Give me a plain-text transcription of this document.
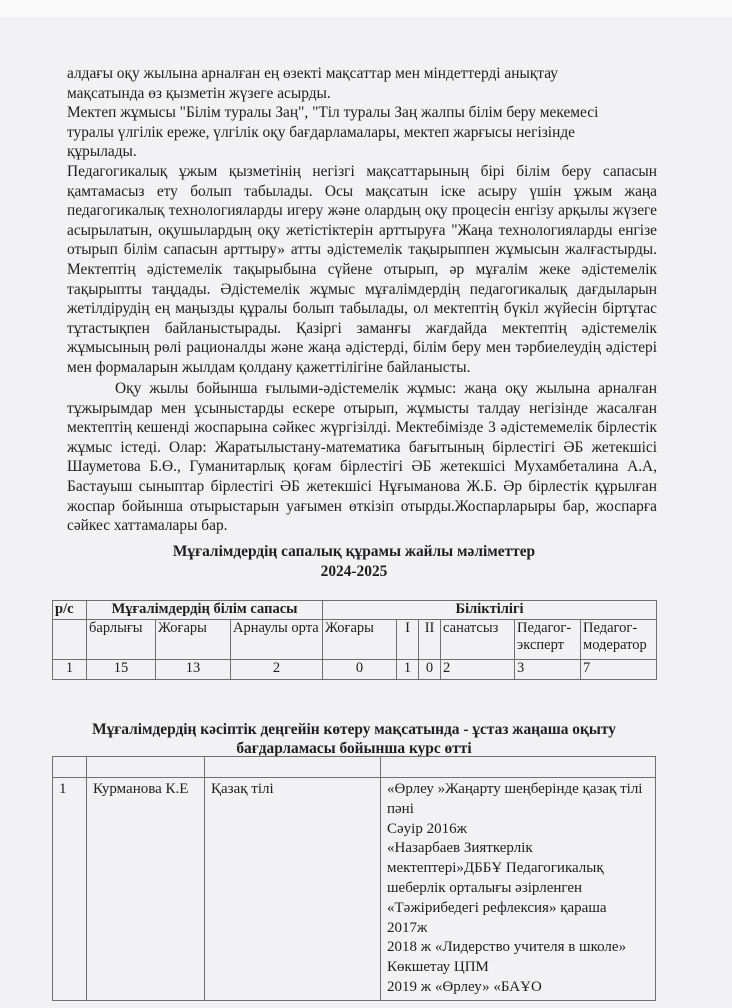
алдағы оқу жылына арналған ең өзекті мақсаттар мен міндеттерді анықтау
мақсатында өз қызметін жүзеге асырды.
Мектеп жұмысы "Білім туралы Заң", "Тіл туралы Заң жалпы білім беру мекемесі
туралы үлгілік ереже, үлгілік оқу бағдарламалары, мектеп жарғысы негізінде
құрылады.

Педагогикалық ұжым қызметінің негізгі мақсаттарының бірі білім беру сапасын қамтамасыз ету болып табылады. Осы мақсатын іске асыру үшін ұжым жаңа педагогикалық технологияларды игеру және олардың оқу процесін енгізу арқылы жүзеге асырылатын, оқушылардың оқу жетістіктерін арттыруға "Жаңа технологияларды енгізе отырып білім сапасын арттыру» атты әдістемелік тақырыппен жұмысын жалғастырды. Мектептің әдістемелік тақырыбына сүйене отырып, әр мұғалім жеке әдістемелік тақырыпты таңдады. Әдістемелік жұмыс мұғалімдердің педагогикалық дағдыларын жетілдірудің ең маңызды құралы болып табылады, ол мектептің бүкіл жүйесін біртұтас тұтастықпен байланыстырады. Қазіргі заманғы жағдайда мектептің әдістемелік жұмысының рөлі рационалды және жаңа әдістерді, білім беру мен тәрбиелеудің әдістері мен формаларын жылдам қолдану қажеттілігіне байланысты.

Оқу жылы бойынша ғылыми-әдістемелік жұмыс: жаңа оқу жылына арналған тұжырымдар мен ұсыныстарды ескере отырып, жұмысты талдау негізінде жасалған мектептің кешенді жоспарына сәйкес жүргізілді. Мектебімізде 3 әдістемемелік бірлестік жұмыс істеді. Олар: Жаратылыстану-математика бағытының бірлестігі ӘБ жетекшісі Шауметова Б.Ө., Гуманитарлық қоғам бірлестігі ӘБ жетекшісі Мухамбеталина А.А, Бастауыш сыныптар бірлестігі ӘБ жетекшісі Нұғыманова Ж.Б. Әр бірлестік құрылған жоспар бойынша отырыстарын уағымен өткізіп отырды.Жоспарларыры бар, жоспарға сәйкес хаттамалары бар.

Мұғалімдердің сапалық құрамы жайлы мәліметтер
2024-2025
р/с	Мұғалімдердің білім сапасы			Біліктілігі					
	барлығы	Жоғары	Арнаулы орта	Жоғары	I	II	санатсыз	Педагог-эксперт	Педагог-модератор
1	15	13	2	0	1	0	2	3	7
Мұғалімдердің кәсіптік деңгейін көтеру мақсатында - ұстаз жаңаша оқыту
бағдарламасы бойынша курс өтті

1	Курманова К.Е	Қазақ тілі	«Өрлеу »Жаңарту шеңберінде қазақ тілі пәні
Сәуір 2016ж
«Назарбаев Зияткерлік мектептері»ДББҰ Педагогикалық шеберлік орталығы әзірленген «Тәжірибедегі рефлексия» қараша 2017ж
2018 ж «Лидерство учителя в школе» Көкшетау ЦПМ
2019 ж «Өрлеу» «БАҰО
